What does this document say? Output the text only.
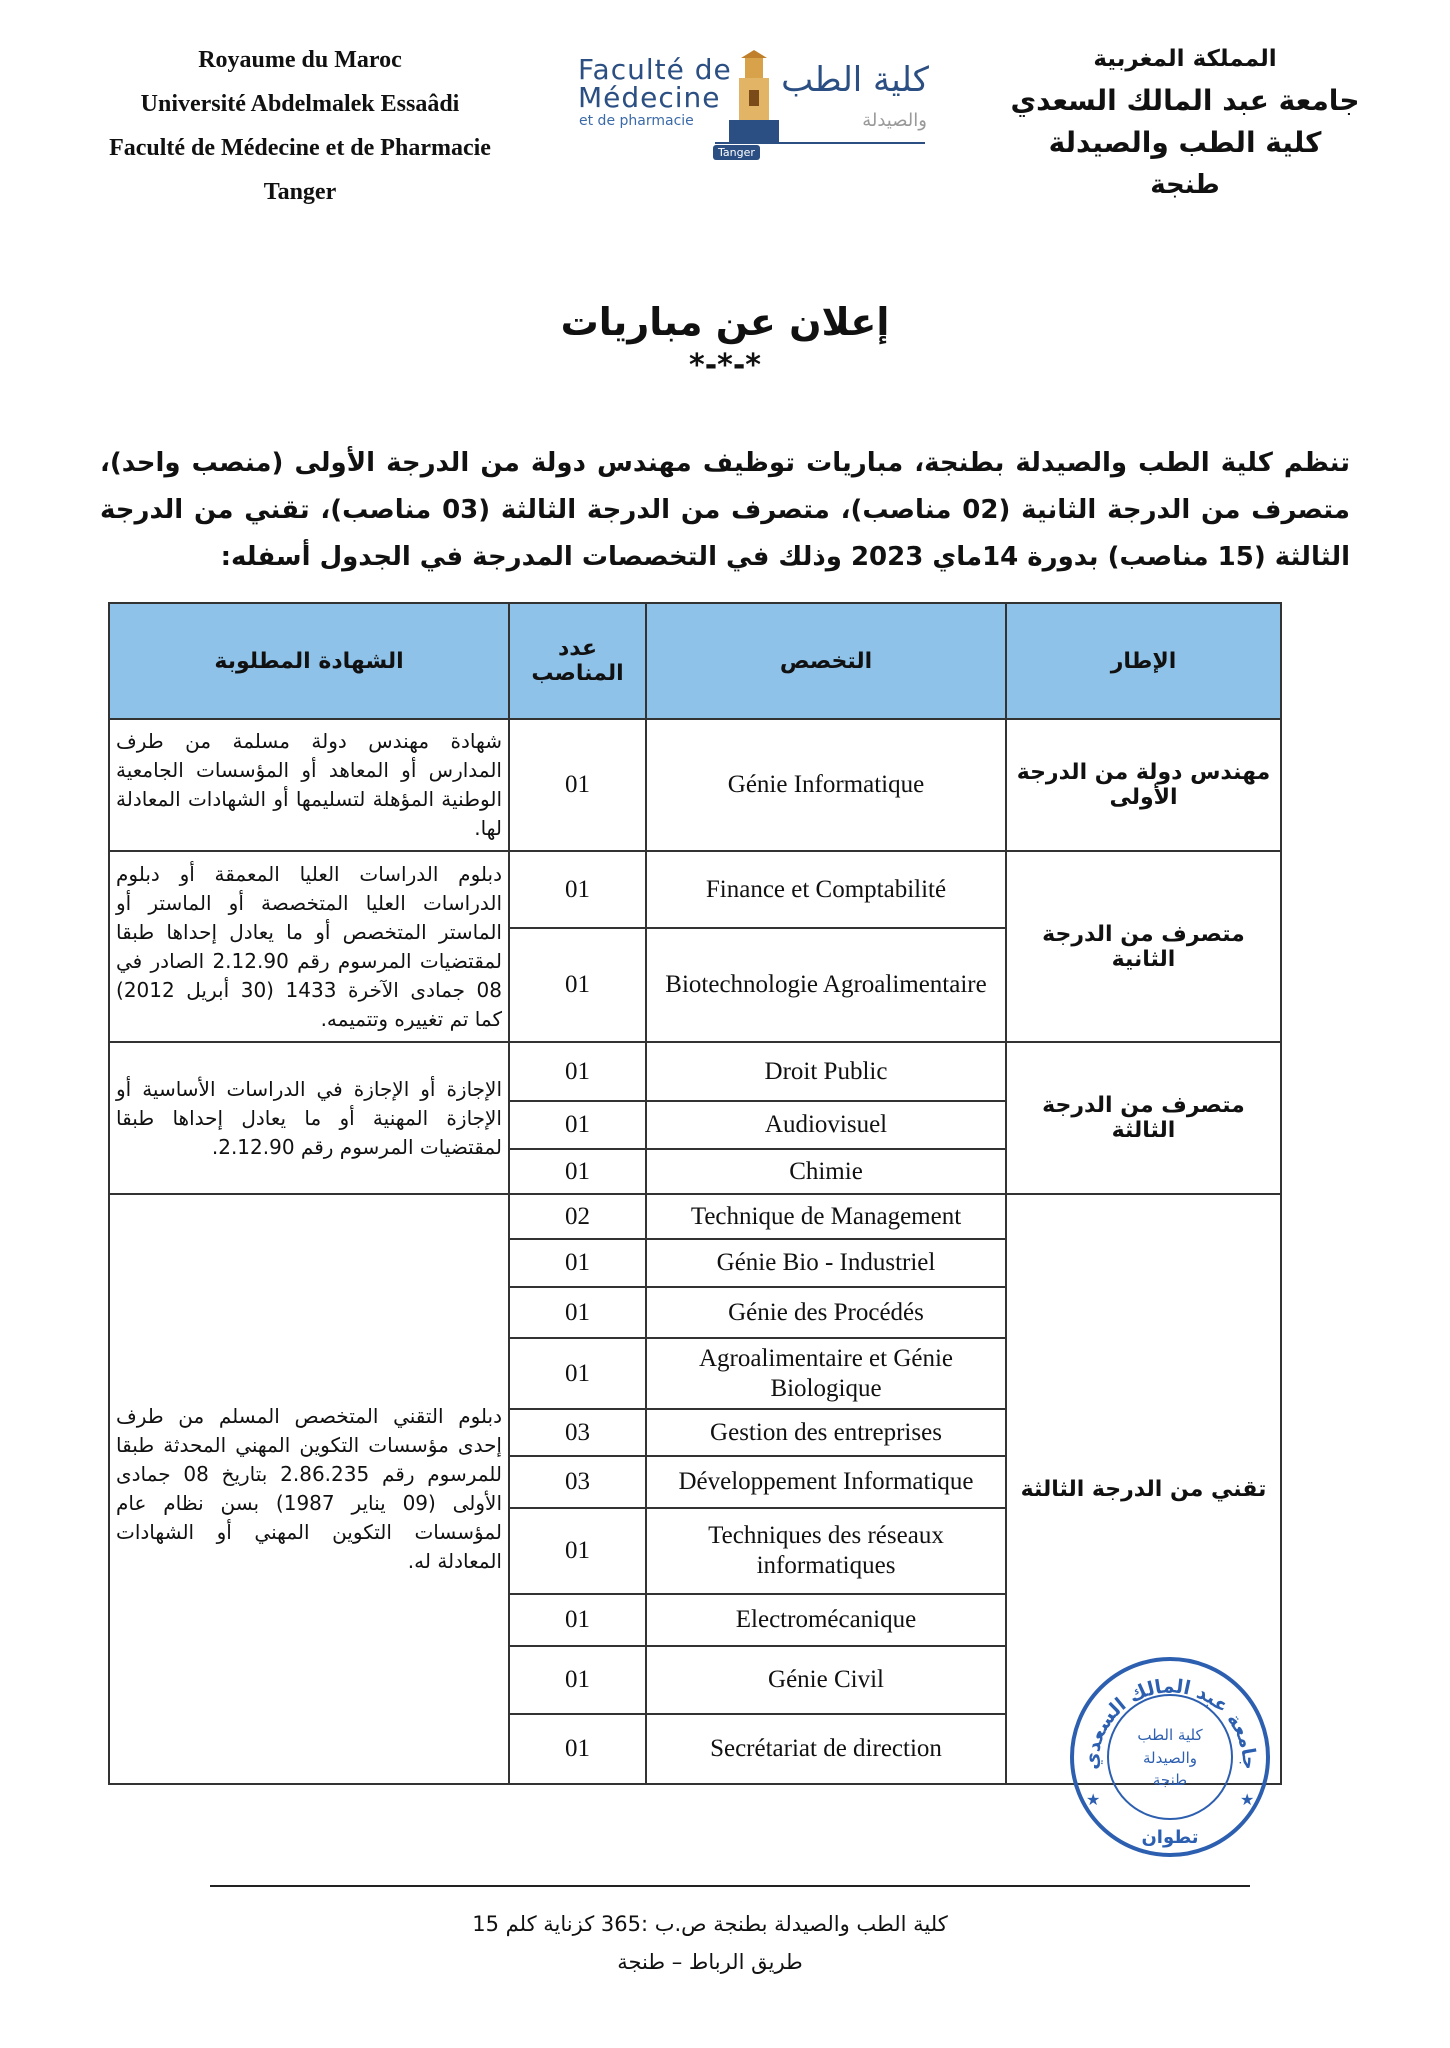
Royaume du Maroc
Université Abdelmalek Essaâdi
Faculté de Médecine et de Pharmacie
Tanger
Faculté de
Médecine
et de pharmacie
كلية الطب
والصيدلة
Tanger
المملكة المغربية
جامعة عبد المالك السعدي
كلية الطب والصيدلة
طنجة
إعلان عن مباريات
*-*-*
تنظم كلية الطب والصيدلة بطنجة، مباريات توظيف مهندس دولة من الدرجة الأولى (منصب واحد)، متصرف من الدرجة الثانية (02 مناصب)، متصرف من الدرجة الثالثة (03 مناصب)، تقني من الدرجة الثالثة (15 مناصب) بدورة 14ماي 2023 وذلك في التخصصات المدرجة في الجدول أسفله:
الإطار	التخصص	عدد المناصب	الشهادة المطلوبة
مهندس دولة من الدرجة الأولى	Génie Informatique	01	شهادة مهندس دولة مسلمة من طرف المدارس أو المعاهد أو المؤسسات الجامعية الوطنية المؤهلة لتسليمها أو الشهادات المعادلة لها.
متصرف من الدرجة الثانية	Finance et Comptabilité	01	دبلوم الدراسات العليا المعمقة أو دبلوم الدراسات العليا المتخصصة أو الماستر أو الماستر المتخصص أو ما يعادل إحداها طبقا لمقتضيات المرسوم رقم 2.12.90 الصادر في 08 جمادى الآخرة 1433 (30 أبريل 2012) كما تم تغييره وتتميمه.
	Biotechnologie Agroalimentaire	01	
متصرف من الدرجة الثالثة	Droit Public	01	الإجازة أو الإجازة في الدراسات الأساسية أو الإجازة المهنية أو ما يعادل إحداها طبقا لمقتضيات المرسوم رقم 2.12.90.
	Audiovisuel	01	
	Chimie	01	
تقني من الدرجة الثالثة	Technique de Management	02	دبلوم التقني المتخصص المسلم من طرف إحدى مؤسسات التكوين المهني المحدثة طبقا للمرسوم رقم 2.86.235 بتاريخ 08 جمادى الأولى (09 يناير 1987) بسن نظام عام لمؤسسات التكوين المهني أو الشهادات المعادلة له.
	Génie Bio - Industriel	01	
	Génie des Procédés	01	
	Agroalimentaire et Génie Biologique	01	
	Gestion des entreprises	03	
	Développement Informatique	03	
	Techniques des réseaux informatiques	01	
	Electromécanique	01	
	Génie Civil	01	
	Secrétariat de direction	01		جامعة عبد المالك السعدي
كلية الطب
والصيدلة
طنجة
تطوان
★	★
كلية الطب والصيدلة بطنجة ص.ب :365 كزناية كلم 15
طريق الرباط – طنجة
